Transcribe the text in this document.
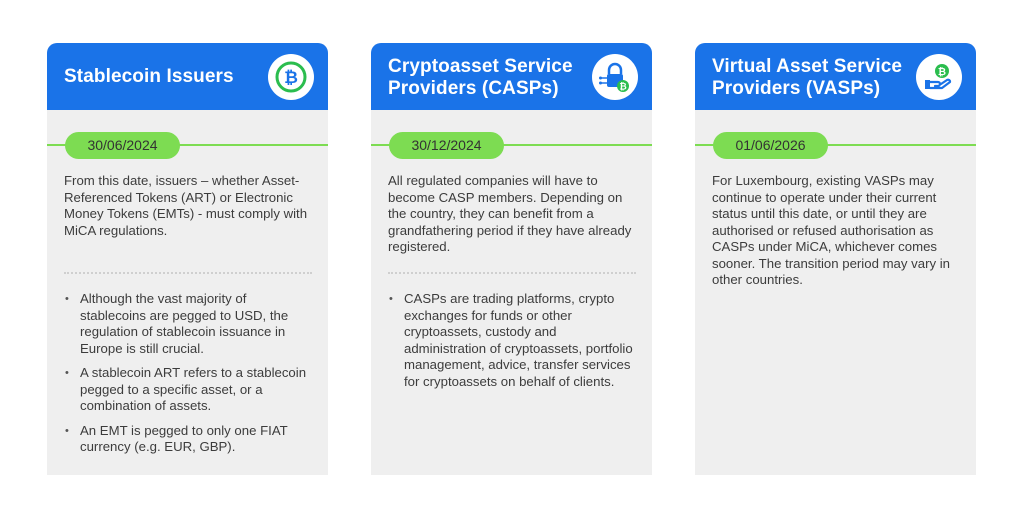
Stablecoin Issuers	₿
30/06/2024
From this date, issuers – whether Asset-Referenced Tokens (ART) or Electronic Money Tokens (EMTs) - must comply with MiCA regulations.
• Although the vast majority of stablecoins are pegged to USD, the regulation of stablecoin issuance in Europe is still crucial.
• A stablecoin ART refers to a stablecoin pegged to a specific asset, or a combination of assets.
• An EMT is pegged to only one FIAT currency (e.g. EUR, GBP).
Cryptoasset Service Providers (CASPs)	₿
30/12/2024
All regulated companies will have to become CASP members. Depending on the country, they can benefit from a grandfathering period if they have already registered.
• CASPs are trading platforms, crypto exchanges for funds or other cryptoassets, custody and administration of cryptoassets, portfolio management, advice, transfer services for cryptoassets on behalf of clients.
Virtual Asset Service Providers (VASPs)
₿
01/06/2026
For Luxembourg, existing VASPs may continue to operate under their current status until this date, or until they are authorised or refused authorisation as CASPs under MiCA, whichever comes sooner. The transition period may vary in other countries.
